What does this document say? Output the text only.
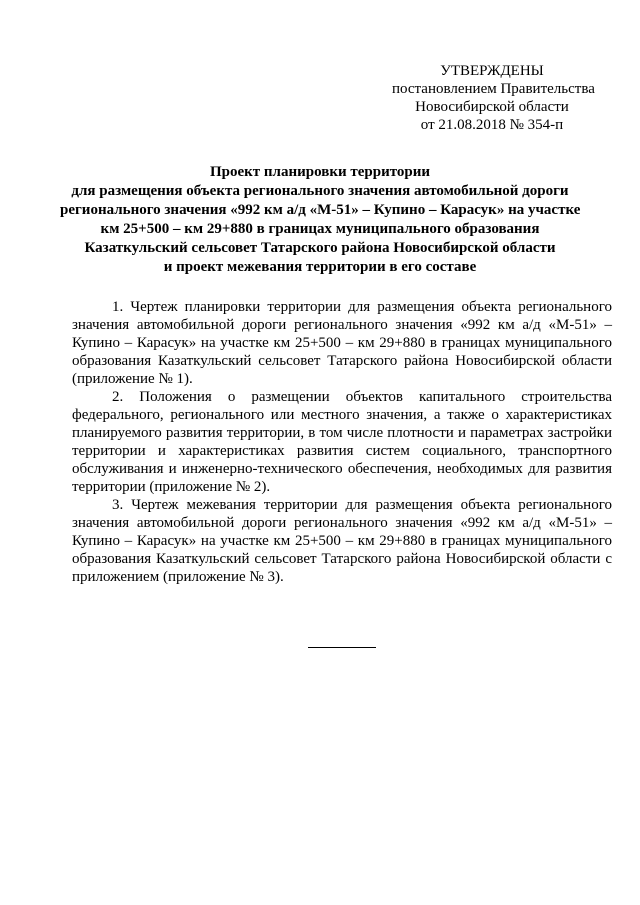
УТВЕРЖДЕНЫ
постановлением Правительства
Новосибирской области
от 21.08.2018 № 354-п
Проект планировки территории
для размещения объекта регионального значения автомобильной дороги
регионального значения «992 км а/д «М-51» – Купино – Карасук» на участке
км 25+500 – км 29+880 в границах муниципального образования
Казаткульский сельсовет Татарского района Новосибирской области
и проект межевания территории в его составе

1. Чертеж планировки территории для размещения объекта регионального значения автомобильной дороги регионального значения «992 км а/д «М-51» – Купино – Карасук» на участке км 25+500 – км 29+880 в границах муниципального образования Казаткульский сельсовет Татарского района Новосибирской области (приложение № 1).

2. Положения о размещении объектов капитального строительства федерального, регионального или местного значения, а также о характеристиках планируемого развития территории, в том числе плотности и параметрах застройки территории и характеристиках развития систем социального, транспортного обслуживания и инженерно-технического обеспечения, необходимых для развития территории (приложение № 2).

3. Чертеж межевания территории для размещения объекта регионального значения автомобильной дороги регионального значения «992 км а/д «М-51» – Купино – Карасук» на участке км 25+500 – км 29+880 в границах муниципального образования Казаткульский сельсовет Татарского района Новосибирской области с приложением (приложение № 3).
